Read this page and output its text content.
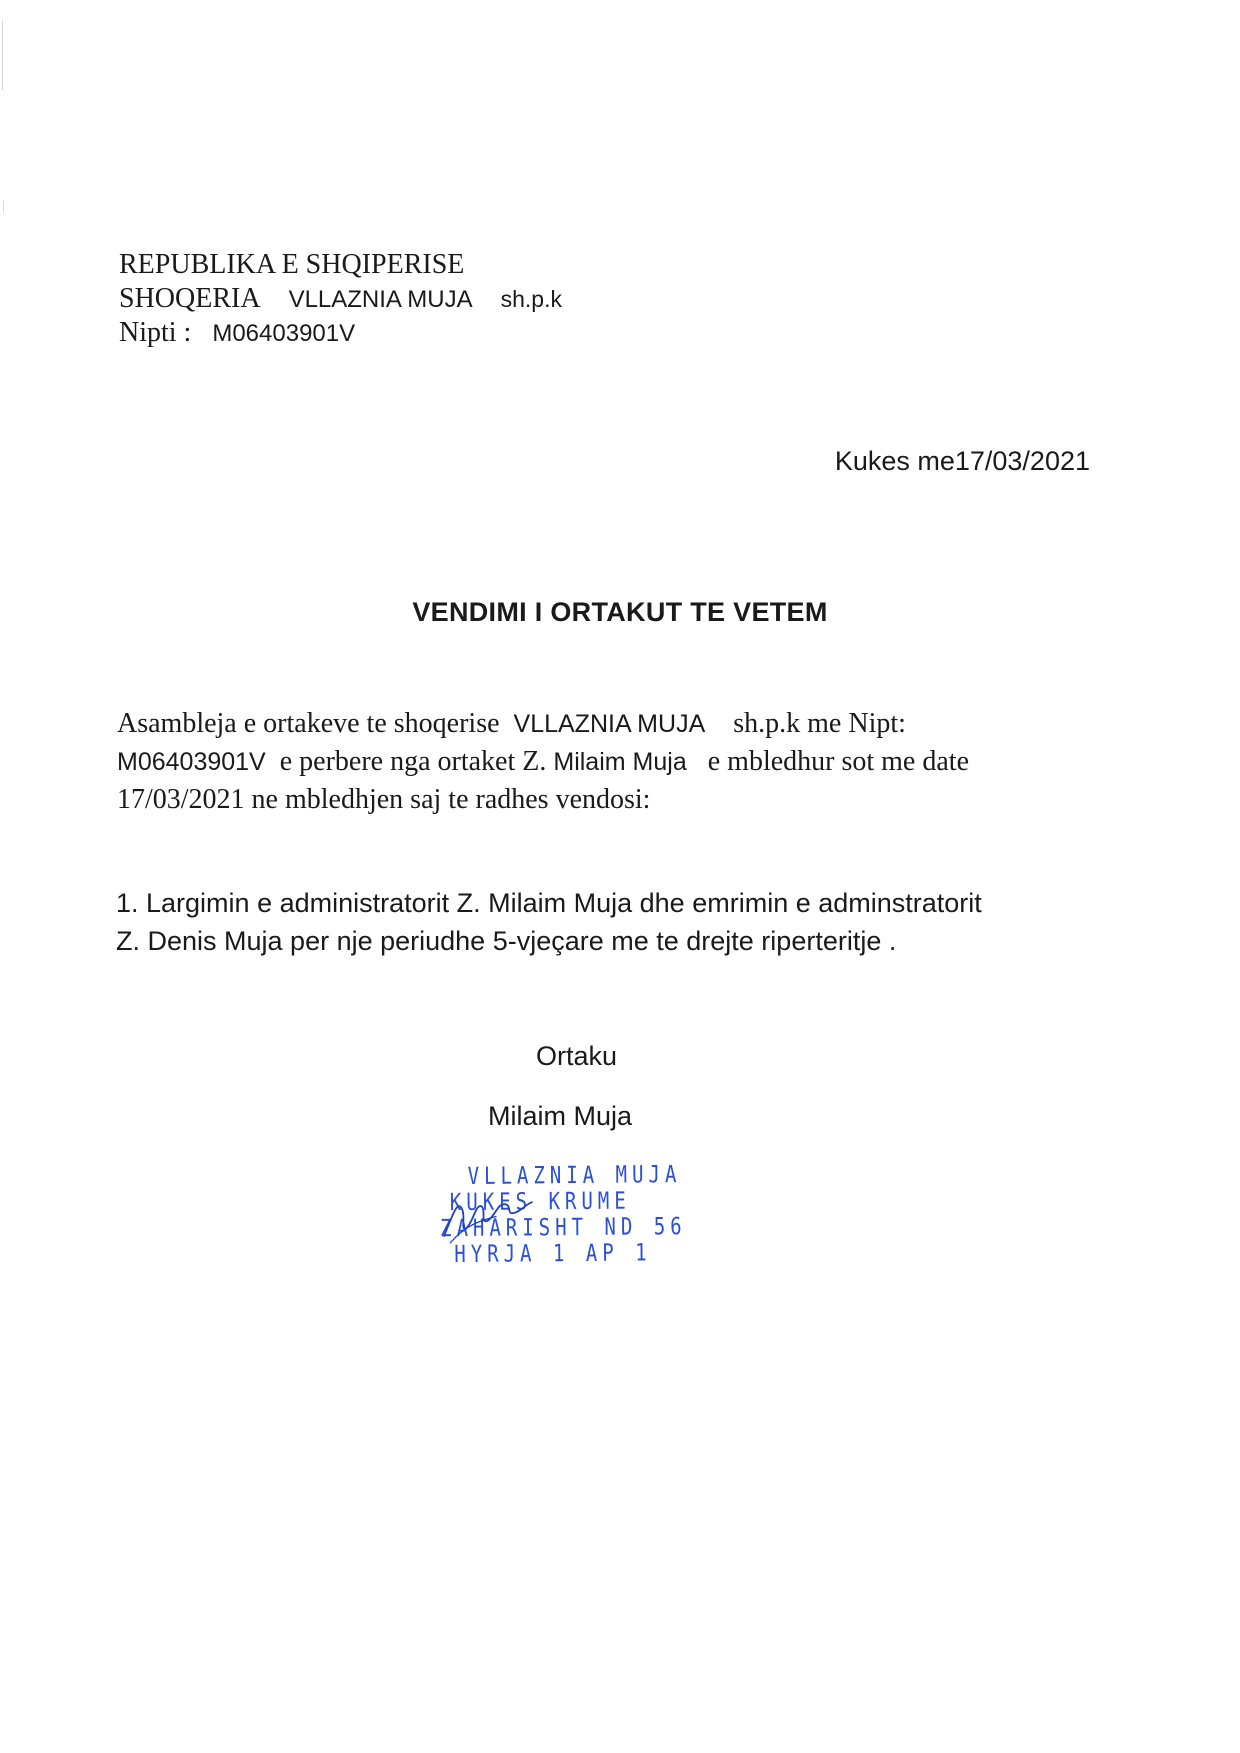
REPUBLIKA E SHQIPERISE
SHOQERIA VLLAZNIA MUJA sh.p.k
Nipti : M06403901V
Kukes me17/03/2021
VENDIMI I ORTAKUT TE VETEM
Asambleja e ortakeve te shoqerise VLLAZNIA MUJA sh.p.k me Nipt:
M06403901V e perbere nga ortaket Z. Milaim Muja e mbledhur sot me date
17/03/2021 ne mbledhjen saj te radhes vendosi:
1. Largimin e administratorit Z. Milaim Muja dhe emrimin e adminstratorit
Z. Denis Muja per nje periudhe 5-vjeçare me te drejte riperteritje .
Ortaku
Milaim Muja
VLLAZNIA MUJA
KUKES KRUME
ZAHARISHT ND 56
HYRJA 1 AP 1
